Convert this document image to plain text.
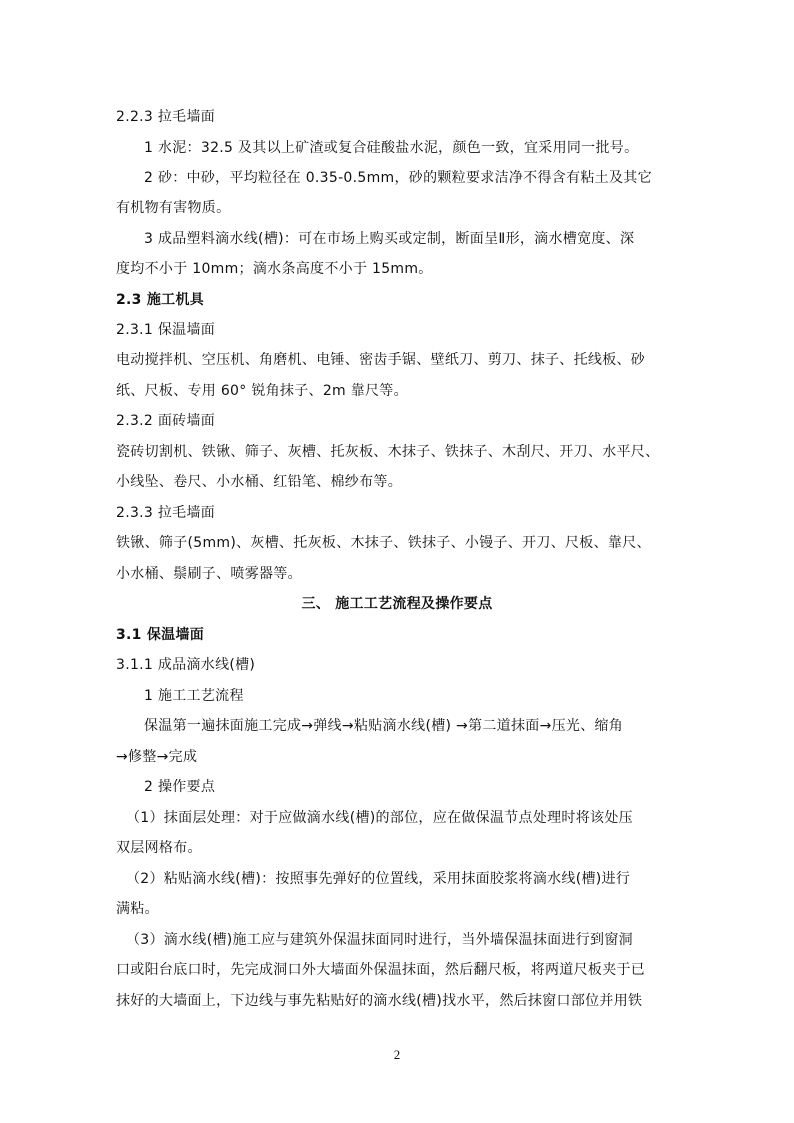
2.2.3 拉毛墙面
1 水泥：32.5 及其以上矿渣或复合硅酸盐水泥，颜色一致，宜采用同一批号。
2 砂：中砂，平均粒径在 0.35-0.5mm，砂的颗粒要求洁净不得含有粘土及其它
有机物有害物质。
3 成品塑料滴水线(槽)：可在市场上购买或定制，断面呈Ⅱ形，滴水槽宽度、深
度均不小于 10mm；滴水条高度不小于 15mm。
2.3 施工机具
2.3.1 保温墙面
电动搅拌机、空压机、角磨机、电锤、密齿手锯、壁纸刀、剪刀、抹子、托线板、砂
纸、尺板、专用 60° 锐角抹子、2m 靠尺等。
2.3.2 面砖墙面
瓷砖切割机、铁锹、筛子、灰槽、托灰板、木抹子、铁抹子、木刮尺、开刀、水平尺、
小线坠、卷尺、小水桶、红铅笔、棉纱布等。
2.3.3 拉毛墙面
铁锹、筛子(5mm)、灰槽、托灰板、木抹子、铁抹子、小镘子、开刀、尺板、靠尺、
小水桶、鬃刷子、喷雾器等。
三、 施工工艺流程及操作要点
3.1 保温墙面
3.1.1 成品滴水线(槽)
1 施工工艺流程
保温第一遍抹面施工完成→弹线→粘贴滴水线(槽) →第二道抹面→压光、缩角
→修整→完成
2 操作要点
（1）抹面层处理：对于应做滴水线(槽)的部位，应在做保温节点处理时将该处压
双层网格布。
（2）粘贴滴水线(槽)：按照事先弹好的位置线，采用抹面胶浆将滴水线(槽)进行
满粘。
（3）滴水线(槽)施工应与建筑外保温抹面同时进行，当外墙保温抹面进行到窗洞
口或阳台底口时，先完成洞口外大墙面外保温抹面，然后翻尺板，将两道尺板夹于已
抹好的大墙面上，下边线与事先粘贴好的滴水线(槽)找水平，然后抹窗口部位并用铁
2
